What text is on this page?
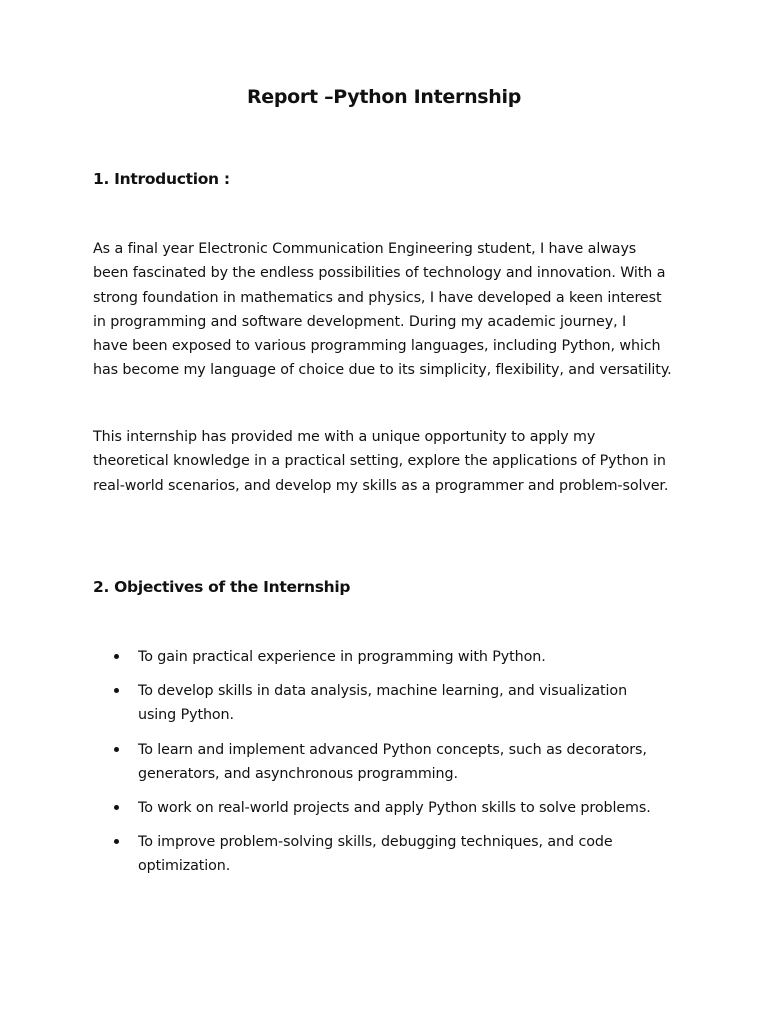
Report –Python Internship
1. Introduction :

As a final year Electronic Communication Engineering student, I have always
been fascinated by the endless possibilities of technology and innovation. With a
strong foundation in mathematics and physics, I have developed a keen interest
in programming and software development. During my academic journey, I
have been exposed to various programming languages, including Python, which
has become my language of choice due to its simplicity, flexibility, and versatility.

This internship has provided me with a unique opportunity to apply my
theoretical knowledge in a practical setting, explore the applications of Python in
real-world scenarios, and develop my skills as a programmer and problem-solver.

2. Objectives of the Internship
To gain practical experience in programming with Python.
To develop skills in data analysis, machine learning, and visualization
using Python.
To learn and implement advanced Python concepts, such as decorators,
generators, and asynchronous programming.
To work on real-world projects and apply Python skills to solve problems.
To improve problem-solving skills, debugging techniques, and code
optimization.
